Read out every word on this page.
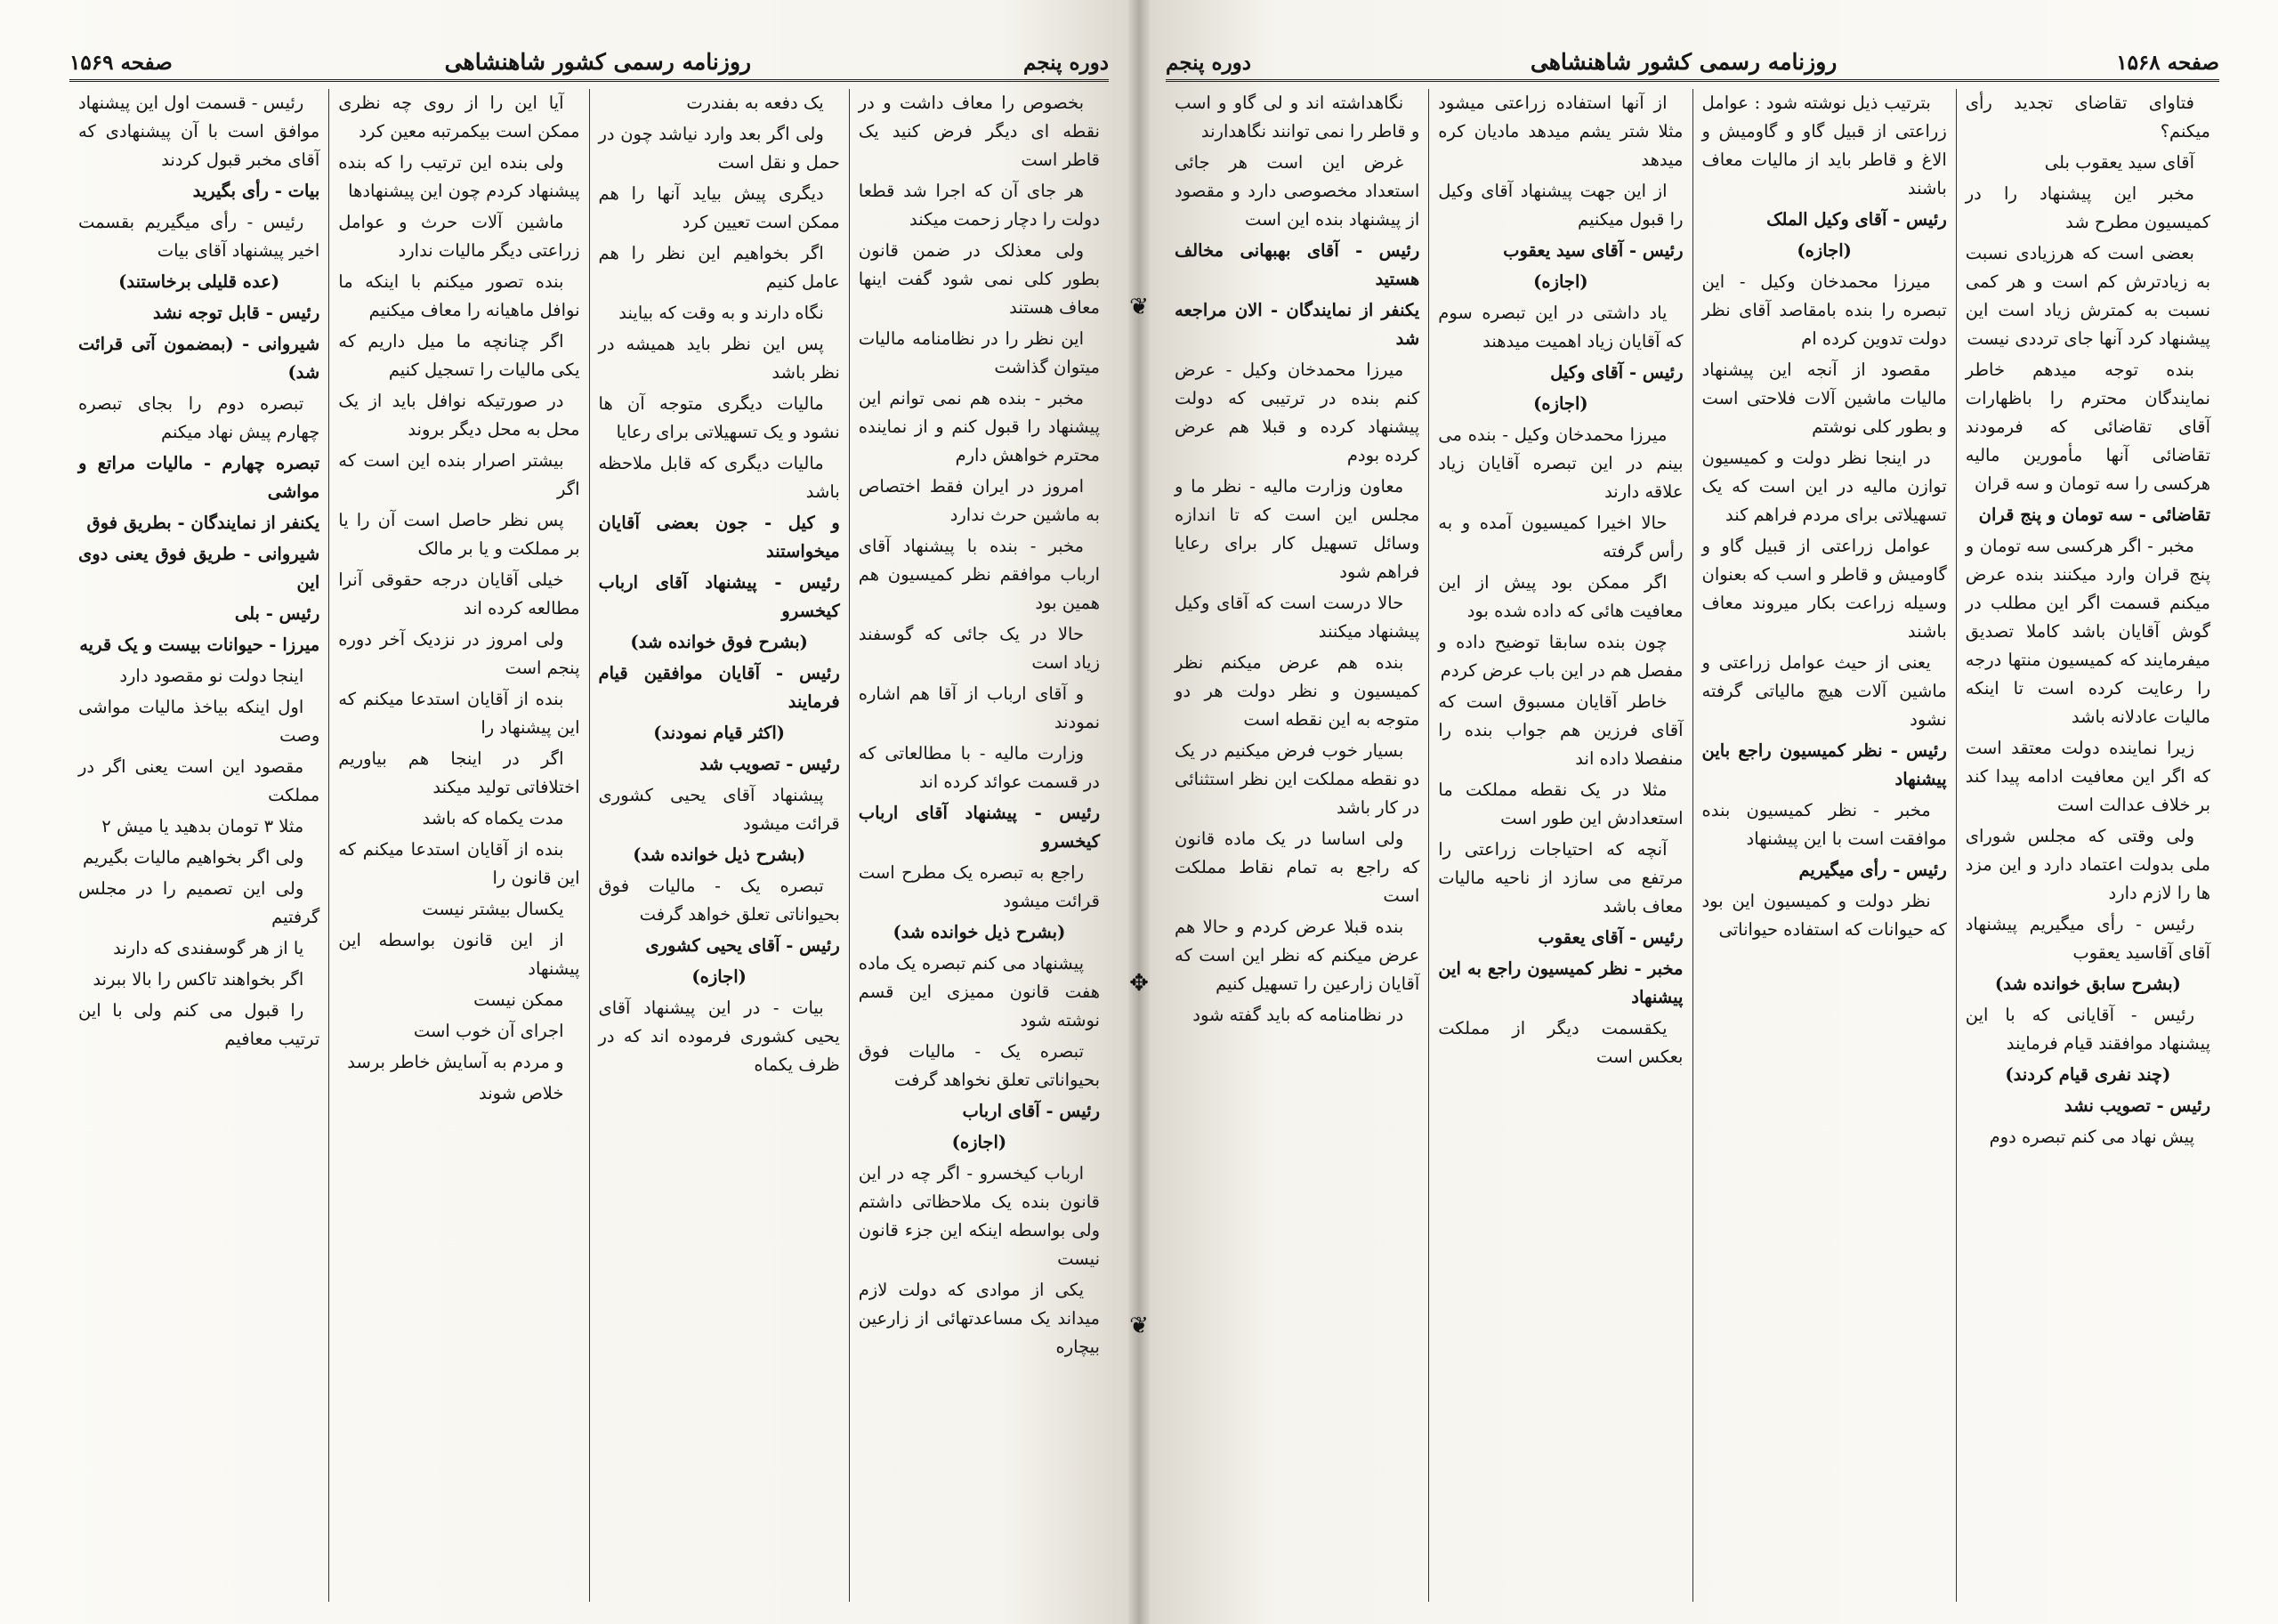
دوره پنجم
روزنامه رسمی کشور شاهنشاهی
صفحه ۱۵۶۹

بخصوص را معاف داشت و در نقطه ای دیگر فرض کنید یک قاطر است

هر جای آن که اجرا شد قطعا دولت را دچار زحمت میکند

ولی معذلک در ضمن قانون بطور کلی نمی شود گفت اینها معاف هستند

این نظر را در نظامنامه مالیات میتوان گذاشت

مخبر - بنده هم نمی توانم این پیشنهاد را قبول کنم و از نماینده محترم خواهش دارم

امروز در ایران فقط اختصاص به ماشین حرث ندارد

مخبر - بنده با پیشنهاد آقای ارباب موافقم نظر کمیسیون هم همین بود

حالا در یک جائی که گوسفند زیاد است

و آقای ارباب از آقا هم اشاره نمودند

وزارت مالیه - با مطالعاتی که در قسمت عوائد کرده اند

رئیس - پیشنهاد آقای ارباب کیخسرو

راجع به تبصره یک مطرح است قرائت میشود

(بشرح ذیل خوانده شد)

پیشنهاد می کنم تبصره یک ماده هفت قانون ممیزی این قسم نوشته شود

تبصره یک - مالیات فوق بحیواناتی تعلق نخواهد گرفت

رئیس - آقای ارباب

(اجازه)

ارباب کیخسرو - اگر چه در این قانون بنده یک ملاحظاتی داشتم ولی بواسطه اینکه این جزء قانون نیست

یکی از موادی که دولت لازم میداند یک مساعدتهائی از زارعین بیچاره

یک دفعه به بفندرت

ولی اگر بعد وارد نیاشد چون در حمل و نقل است

دیگری پیش بیاید آنها را هم ممکن است تعیین کرد

اگر بخواهیم این نظر را هم عامل کنیم

نگاه دارند و به وقت که بیایند

پس این نظر باید همیشه در نظر باشد

مالیات دیگری متوجه آن ها نشود و یک تسهیلاتی برای رعایا

مالیات دیگری که قابل ملاحظه باشد

و کیل - جون بعضی آقایان میخواستند

رئیس - پیشنهاد آقای ارباب کیخسرو

(بشرح فوق خوانده شد)

رئیس - آقایان موافقین قیام فرمایند

(اکثر قیام نمودند)

رئیس - تصویب شد

پیشنهاد آقای یحیی کشوری قرائت میشود

(بشرح ذیل خوانده شد)

تبصره یک - مالیات فوق بحیواناتی تعلق خواهد گرفت

رئیس - آقای یحیی کشوری

(اجازه)

بیات - در این پیشنهاد آقای یحیی کشوری فرموده اند که در ظرف یکماه

آیا این را از روی چه نظری ممکن است بیکمرتبه معین کرد

ولی بنده این ترتیب را که بنده پیشنهاد کردم چون این پیشنهادها

ماشین آلات حرث و عوامل زراعتی دیگر مالیات ندارد

بنده تصور میکنم با اینکه ما نوافل ماهیانه را معاف میکنیم

اگر چنانچه ما میل داریم که یکی مالیات را تسجیل کنیم

در صورتیکه نوافل باید از یک محل به محل دیگر بروند

بیشتر اصرار بنده این است که اگر

پس نظر حاصل است آن را یا بر مملکت و یا بر مالک

خیلی آقایان درجه حقوقی آنرا مطالعه کرده اند

ولی امروز در نزدیک آخر دوره پنجم است

بنده از آقایان استدعا میکنم که این پیشنهاد را

اگر در اینجا هم بیاوریم اختلافاتی تولید میکند

مدت یکماه که باشد

بنده از آقایان استدعا میکنم که این قانون را

یکسال بیشتر نیست

از این قانون بواسطه این پیشنهاد

ممکن نیست

اجرای آن خوب است

و مردم به آسایش خاطر برسد

خلاص شوند

رئیس - قسمت اول این پیشنهاد موافق است با آن پیشنهادی که آقای مخبر قبول کردند

بیات - رأی بگیرید

رئیس - رأی میگیریم بقسمت اخیر پیشنهاد آقای بیات

(عده قلیلی برخاستند)

رئیس - قابل توجه نشد

شیروانی - (بمضمون آتی قرائت شد)

تبصره دوم را بجای تبصره چهارم پیش نهاد میکنم

تبصره چهارم - مالیات مراتع و مواشی

یکنفر از نمایندگان - بطریق فوق

شیروانی - طریق فوق یعنی دوی این

رئیس - بلی

میرزا - حیوانات بیست و یک قریه

اینجا دولت نو مقصود دارد

اول اینکه بیاخذ مالیات مواشی وصت

مقصود این است یعنی اگر در مملکت

مثلا ۳ تومان بدهید یا میش ۲

ولی اگر بخواهیم مالیات بگیریم

ولی این تصمیم را در مجلس گرفتیم

یا از هر گوسفندی که دارند

اگر بخواهند تاکس را بالا ببرند

را قبول می کنم ولی با این ترتیب معافیم

صفحه ۱۵۶۸
روزنامه رسمی کشور شاهنشاهی
دوره پنجم

فتاوای تقاضای تجدید رأی میکنم؟

آقای سید یعقوب بلی

مخبر این پیشنهاد را در کمیسیون مطرح شد

بعضی است که هرزیادی نسبت به زیادترش کم است و هر کمی نسبت به کمترش زیاد است این پیشنهاد کرد آنها جای ترددی نیست

بنده توجه میدهم خاطر نمایندگان محترم را باظهارات آقای تقاضائی که فرمودند تقاضائی آنها مأمورین مالیه هرکسی را سه تومان و سه قران

تقاضائی - سه تومان و پنج قران

مخبر - اگر هرکسی سه تومان و پنج قران وارد میکنند بنده عرض میکنم قسمت اگر این مطلب در گوش آقایان باشد کاملا تصدیق میفرمایند که کمیسیون منتها درجه را رعایت کرده است تا اینکه مالیات عادلانه باشد

زیرا نماینده دولت معتقد است که اگر این معافیت ادامه پیدا کند بر خلاف عدالت است

ولی وقتی که مجلس شورای ملی بدولت اعتماد دارد و این مزد ها را لازم دارد

رئیس - رأی میگیریم پیشنهاد آقای آقاسید یعقوب

(بشرح سابق خوانده شد)

رئیس - آقایانی که با این پیشنهاد موافقند قیام فرمایند

(چند نفری قیام کردند)

رئیس - تصویب نشد

پیش نهاد می کنم تبصره دوم

بترتیب ذیل نوشته شود : عوامل زراعتی از قبیل گاو و گاومیش و الاغ و قاطر باید از مالیات معاف باشند

رئیس - آقای وکیل الملک

(اجازه)

میرزا محمدخان وکیل - این تبصره را بنده بامقاصد آقای نظر دولت تدوین کرده ام

مقصود از آنجه این پیشنهاد مالیات ماشین آلات فلاحتی است و بطور کلی نوشتم

در اینجا نظر دولت و کمیسیون توازن مالیه در این است که یک تسهیلاتی برای مردم فراهم کند

عوامل زراعتی از قبیل گاو و گاومیش و قاطر و اسب که بعنوان وسیله زراعت بکار میروند معاف باشند

یعنی از حیث عوامل زراعتی و ماشین آلات هیچ مالیاتی گرفته نشود

رئیس - نظر کمیسیون راجع باین پیشنهاد

مخبر - نظر کمیسیون بنده موافقت است با این پیشنهاد

رئیس - رأی میگیریم

نظر دولت و کمیسیون این بود که حیوانات که استفاده حیواناتی

از آنها استفاده زراعتی میشود مثلا شتر یشم میدهد مادیان کره میدهد

از این جهت پیشنهاد آقای وکیل را قبول میکنیم

رئیس - آقای سید یعقوب

(اجازه)

یاد داشتی در این تبصره سوم که آقایان زیاد اهمیت میدهند

رئیس - آقای وکیل

(اجازه)

میرزا محمدخان وکیل - بنده می بینم در این تبصره آقایان زیاد علاقه دارند

حالا اخیرا کمیسیون آمده و به رأس گرفته

اگر ممکن بود پیش از این معافیت هائی که داده شده بود

چون بنده سابقا توضیح داده و مفصل هم در این باب عرض کردم

خاطر آقایان مسبوق است که آقای فرزین هم جواب بنده را منفصلا داده اند

مثلا در یک نقطه مملکت ما استعدادش این طور است

آنچه که احتیاجات زراعتی را مرتفع می سازد از ناحیه مالیات معاف باشد

رئیس - آقای یعقوب

مخبر - نظر کمیسیون راجع به این پیشنهاد

یکقسمت دیگر از مملکت بعکس است

نگاهداشته اند و لی گاو و اسب و قاطر را نمی توانند نگاهدارند

غرض این است هر جائی استعداد مخصوصی دارد و مقصود از پیشنهاد بنده این است

رئیس - آقای بهبهانی مخالف هستید

یکنفر از نمایندگان - الان مراجعه شد

میرزا محمدخان وکیل - عرض کنم بنده در ترتیبی که دولت پیشنهاد کرده و قبلا هم عرض کرده بودم

معاون وزارت مالیه - نظر ما و مجلس این است که تا اندازه وسائل تسهیل کار برای رعایا فراهم شود

حالا درست است که آقای وکیل پیشنهاد میکنند

بنده هم عرض میکنم نظر کمیسیون و نظر دولت هر دو متوجه به این نقطه است

بسیار خوب فرض میکنیم در یک دو نقطه مملکت این نظر استثنائی در کار باشد

ولی اساسا در یک ماده قانون که راجع به تمام نقاط مملکت است

بنده قبلا عرض کردم و حالا هم عرض میکنم که نظر این است که آقایان زارعین را تسهیل کنیم

در نظامنامه که باید گفته شود

❦
✥
❦
